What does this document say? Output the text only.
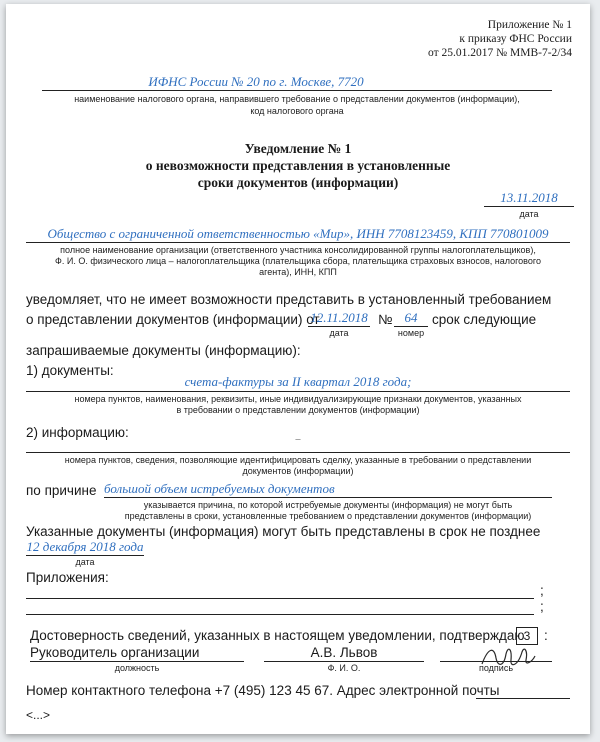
Приложение № 1
к приказу ФНС России
от 25.01.2017 № ММВ-7-2/34
ИФНС России № 20 по г. Москве, 7720
наименование налогового органа, направившего требование о представлении документов (информации),
код налогового органа
Уведомление № 1
о невозможности представления в установленные
сроки документов (информации)
13.11.2018
дата
Общество с ограниченной ответственностью «Мир», ИНН 7708123459, КПП 770801009
полное наименование организации (ответственного участника консолидированной группы налогоплательщиков),
Ф. И. О. физического лица – налогоплательщика (плательщика сбора, плательщика страховых взносов, налогового
агента), ИНН, КПП
уведомляет, что не имеет возможности представить в установленный требованием
о представлении документов (информации) от
12.11.2018
дата
№ 64
номер
срок следующие
запрашиваемые документы (информацию):
1) документы:
счета-фактуры за II квартал 2018 года;
номера пунктов, наименования, реквизиты, иные индивидуализирующие признаки документов, указанных
в требовании о представлении документов (информации)
2) информацию:	–
номера пунктов, сведения, позволяющие идентифицировать сделку, указанные в требовании о представлении
документов (информации)
по причине большой объем истребуемых документов
указывается причина, по которой истребуемые документы (информация) не могут быть
представлены в сроки, установленные требованием о представлении документов (информации)
Указанные документы (информация) могут быть представлены в срок не позднее
12 декабря 2018 года
дата
Приложения:
;
;
Достоверность сведений, указанных в настоящем уведомлении, подтверждаю 3	:
Руководитель организации
должность
А.В. Львов
Ф. И. О.	подпись
Номер контактного телефона +7 (495) 123 45 67. Адрес электронной почты
<...>
